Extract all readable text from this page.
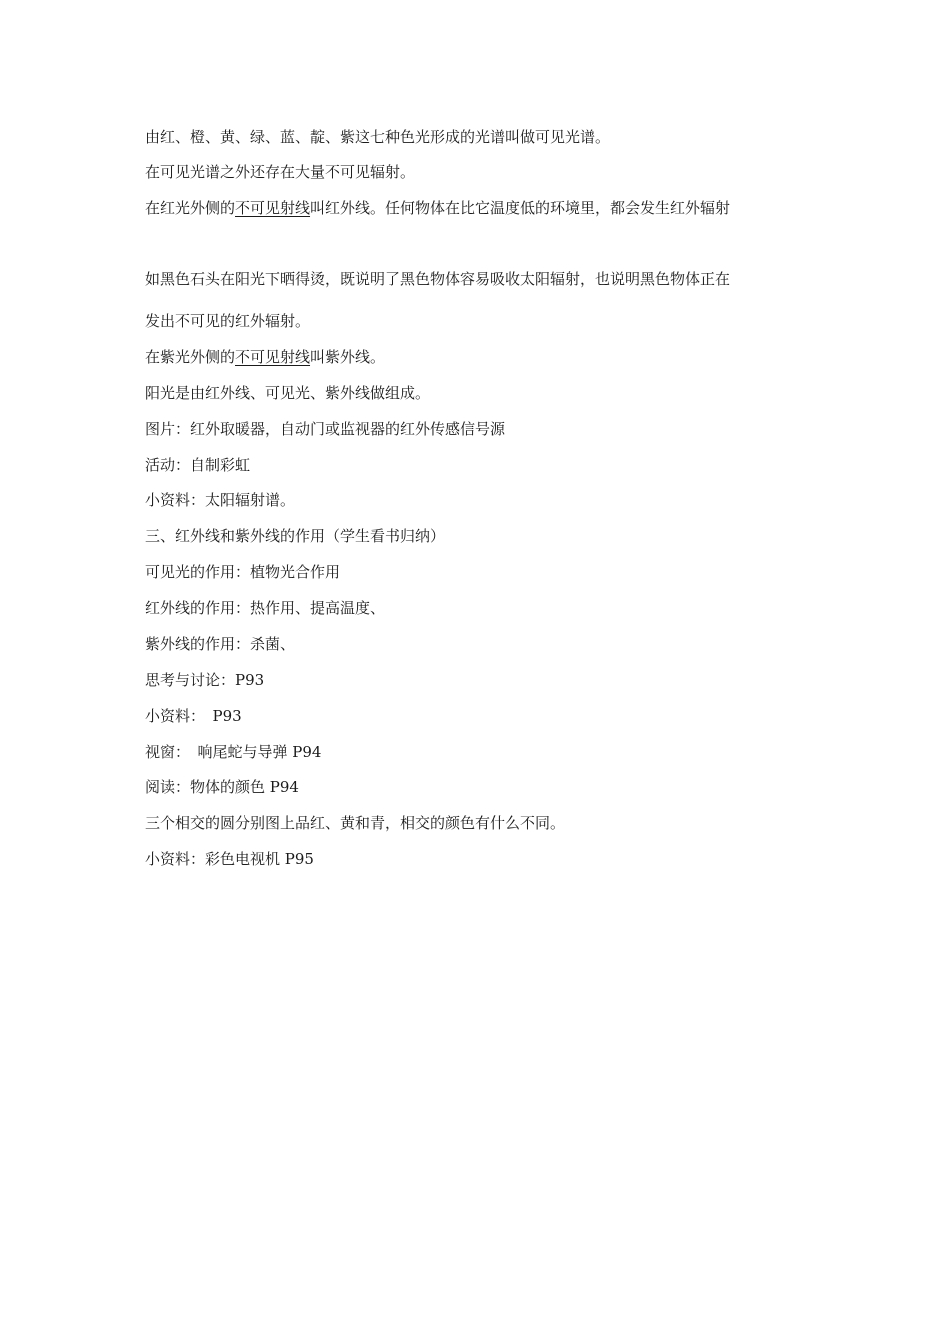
由红、橙、黄、绿、蓝、靛、紫这七种色光形成的光谱叫做可见光谱。
在可见光谱之外还存在大量不可见辐射。
在红光外侧的不可见射线叫红外线。任何物体在比它温度低的环境里，都会发生红外辐射
如黑色石头在阳光下晒得烫，既说明了黑色物体容易吸收太阳辐射，也说明黑色物体正在
发出不可见的红外辐射。
在紫光外侧的不可见射线叫紫外线。
阳光是由红外线、可见光、紫外线做组成。
图片：红外取暖器，自动门或监视器的红外传感信号源
活动：自制彩虹
小资料：太阳辐射谱。
三、红外线和紫外线的作用（学生看书归纳）
可见光的作用：植物光合作用
红外线的作用：热作用、提高温度、
紫外线的作用：杀菌、
思考与讨论：P93
小资料：　P93
视窗：　响尾蛇与导弹 P94
阅读：物体的颜色 P94
三个相交的圆分别图上品红、黄和青，相交的颜色有什么不同。
小资料：彩色电视机 P95
